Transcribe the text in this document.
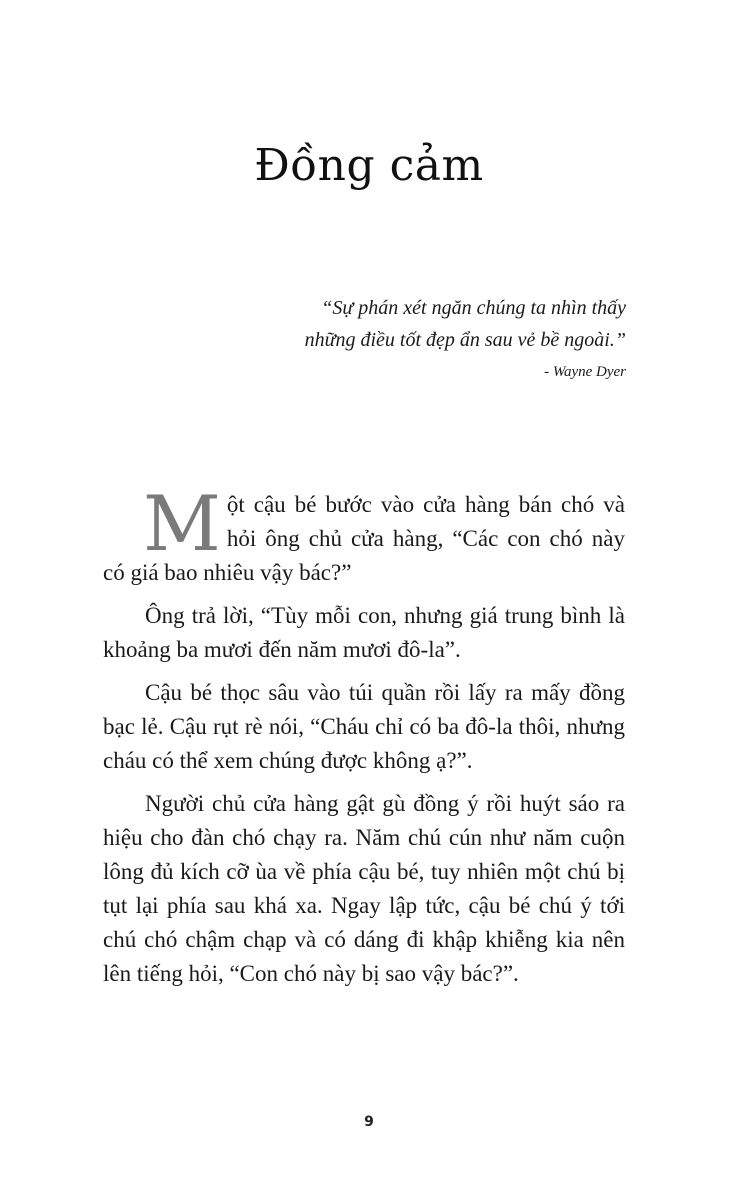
Đồng cảm
“Sự phán xét ngăn chúng ta nhìn thấy
những điều tốt đẹp ẩn sau vẻ bề ngoài.”
- Wayne Dyer

Một cậu bé bước vào cửa hàng bán chó và hỏi ông chủ cửa hàng, “Các con chó này có giá bao nhiêu vậy bác?”

Ông trả lời, “Tùy mỗi con, nhưng giá trung bình là khoảng ba mươi đến năm mươi đô-la”.

Cậu bé thọc sâu vào túi quần rồi lấy ra mấy đồng bạc lẻ. Cậu rụt rè nói, “Cháu chỉ có ba đô-la thôi, nhưng cháu có thể xem chúng được không ạ?”.

Người chủ cửa hàng gật gù đồng ý rồi huýt sáo ra hiệu cho đàn chó chạy ra. Năm chú cún như năm cuộn lông đủ kích cỡ ùa về phía cậu bé, tuy nhiên một chú bị tụt lại phía sau khá xa. Ngay lập tức, cậu bé chú ý tới chú chó chậm chạp và có dáng đi khập khiễng kia nên lên tiếng hỏi, “Con chó này bị sao vậy bác?”.

9
